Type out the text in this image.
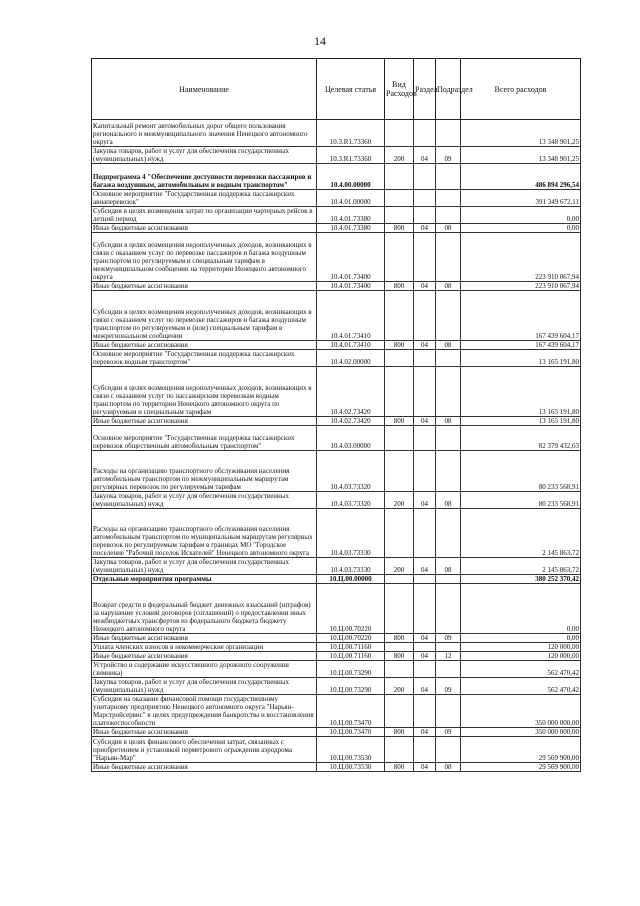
14
Наименование	Целевая статья	Вид Расходов	Раздел	Подраздел	Всего расходов
Капитальный ремонт автомобильных дорог общего пользования регионального и межмуниципального значения Ненецкого автономного округа	10.3.R1.73360				13 348 901,25
Закупка товаров, работ и услуг для обеспечения государственных (муниципальных) нужд	10.3.R1.73360	200	04	09	13 348 901,25
Подпрограмма 4 "Обеспечение доступности перевозки пассажиров и багажа воздушным, автомобильным и водным транспортом"	10.4.00.00000				486 894 296,54
Основное мероприятие "Государственная поддержка пассажирских авиаперевозок"	10.4.01.00000				391 349 672,11
Субсидия в целях возмещения затрат по организации чартерных рейсов в летний период	10.4.01.73380				0,00
Иные бюджетные ассигнования	10.4.01.73380	800	04	08	0,00
Субсидии в целях возмещения недополученных доходов, возникающих в связи с оказанием услуг по перевозке пассажиров и багажа воздушным транспортом по регулируемым и специальным тарифам в межмуниципальном сообщении на территории Ненецкого автономного округа	10.4.01.73400				223 910 067,94
Иные бюджетные ассигнования	10.4.01.73400	800	04	08	223 910 067,94
Субсидии в целях возмещения недополученных доходов, возникающих в связи с оказанием услуг по перевозке пассажиров и багажа воздушным транспортом по регулируемым и (или) специальным тарифам в межрегиональном сообщении	10.4.01.73410				167 439 604,17
Иные бюджетные ассигнования	10.4.01.73410	800	04	08	167 439 604,17
Основное мероприятие "Государственная поддержка пассажирских перевозок водным транспортом"	10.4.02.00000				13 165 191,80
Субсидии в целях возмещения недополученных доходов, возникающих в связи с оказанием услуг по пассажирским перевозкам водным транспортом по территории Ненецкого автономного округа по регулируемым и специальным тарифам	10.4.02.73420				13 165 191,80
Иные бюджетные ассигнования	10.4.02.73420	800	04	08	13 165 191,80
Основное мероприятие "Государственная поддержка пассажирских перевозок общественным автомобильным транспортом"	10.4.03.00000				82 379 432,63
Расходы на организацию транспортного обслуживания населения автомобильным транспортом по межмуниципальным маршрутам регулярных перевозок по регулируемым тарифам	10.4.03.73320				80 233 568,91
Закупка товаров, работ и услуг для обеспечения государственных (муниципальных) нужд	10.4.03.73320	200	04	08	80 233 568,91
Расходы на организацию транспортного обслуживания населения автомобильным транспортом по муниципальным маршрутам регулярных перевозок по регулируемым тарифам в границах МО "Городское поселение "Рабочий поселок Искателей" Ненецкого автономного округа	10.4.03.73330				2 145 863,72
Закупка товаров, работ и услуг для обеспечения государственных (муниципальных) нужд	10.4.03.73330	200	04	08	2 145 863,72
Отдельные мероприятия программы	10.Ц.00.00000				380 252 370,42
Возврат средств в федеральный бюджет денежных взысканий (штрафов) за нарушение условий договоров (соглашений) о предоставлении иных межбюджетных трансфертов из федерального бюджета бюджету Ненецкого автономного округа	10.Ц.00.70220				0,00
Иные бюджетные ассигнования	10.Ц.00.70220	800	04	09	0,00
Уплата членских взносов в некоммерческие организации	10.Ц.00.71160				120 000,00
Иные бюджетные ассигнования	10.Ц.00.71160	800	04	12	120 000,00
Устройство и содержание искусственного дорожного сооружения (зимника)	10.Ц.00.73290				562 470,42
Закупка товаров, работ и услуг для обеспечения государственных (муниципальных) нужд	10.Ц.00.73290	200	04	09	562 470,42
Субсидия на оказание финансовой помощи государственному унитарному предприятию Ненецкого автономного округа "Нарьян-Марстройсервис" в целях предупреждения банкротства и восстановления платежеспособности	10.Ц.00.73470				350 000 000,00
Иные бюджетные ассигнования	10.Ц.00.73470	800	04	09	350 000 000,00
Субсидия в целях финансового обеспечения затрат, связанных с приобретением и установкой перметрового ограждения аэродрома "Нарьян-Мар"	10.Ц.00.73530				29 569 900,00
Иные бюджетные ассигнования	10.Ц.00.73530	800	04	08	29 569 900,00
